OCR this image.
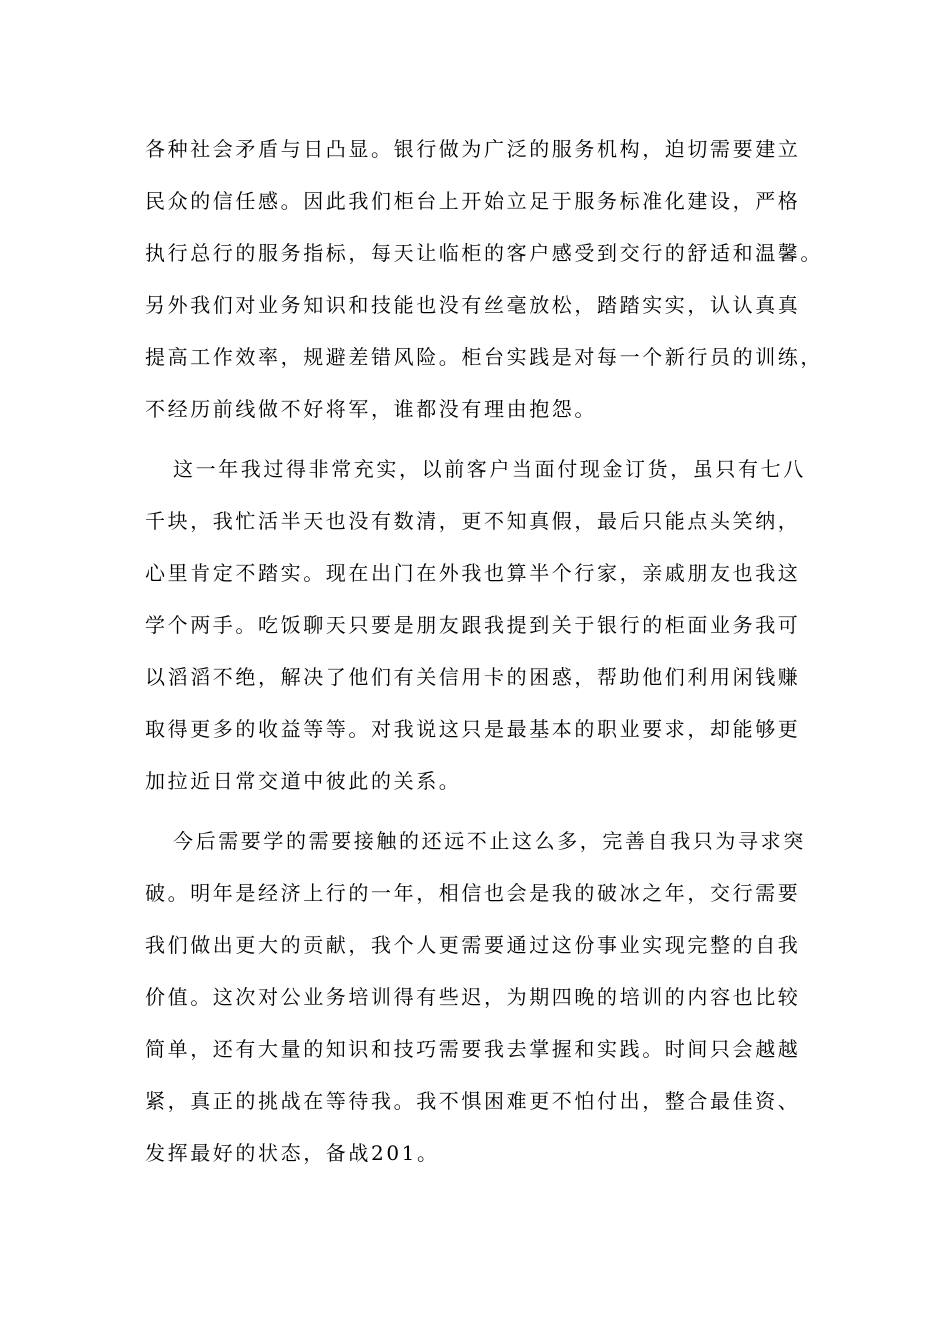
各种社会矛盾与日凸显。银行做为广泛的服务机构，迫切需要建立
民众的信任感。因此我们柜台上开始立足于服务标准化建设，严格
执行总行的服务指标，每天让临柜的客户感受到交行的舒适和温馨。
另外我们对业务知识和技能也没有丝毫放松，踏踏实实，认认真真
提高工作效率，规避差错风险。柜台实践是对每一个新行员的训练，
不经历前线做不好将军，谁都没有理由抱怨。
这一年我过得非常充实，以前客户当面付现金订货，虽只有七八
千块，我忙活半天也没有数清，更不知真假，最后只能点头笑纳，
心里肯定不踏实。现在出门在外我也算半个行家，亲戚朋友也我这
学个两手。吃饭聊天只要是朋友跟我提到关于银行的柜面业务我可
以滔滔不绝，解决了他们有关信用卡的困惑，帮助他们利用闲钱赚
取得更多的收益等等。对我说这只是最基本的职业要求，却能够更
加拉近日常交道中彼此的关系。
今后需要学的需要接触的还远不止这么多，完善自我只为寻求突
破。明年是经济上行的一年，相信也会是我的破冰之年，交行需要
我们做出更大的贡献，我个人更需要通过这份事业实现完整的自我
价值。这次对公业务培训得有些迟，为期四晚的培训的内容也比较
简单，还有大量的知识和技巧需要我去掌握和实践。时间只会越越
紧，真正的挑战在等待我。我不惧困难更不怕付出，整合最佳资、
发挥最好的状态，备战201。
